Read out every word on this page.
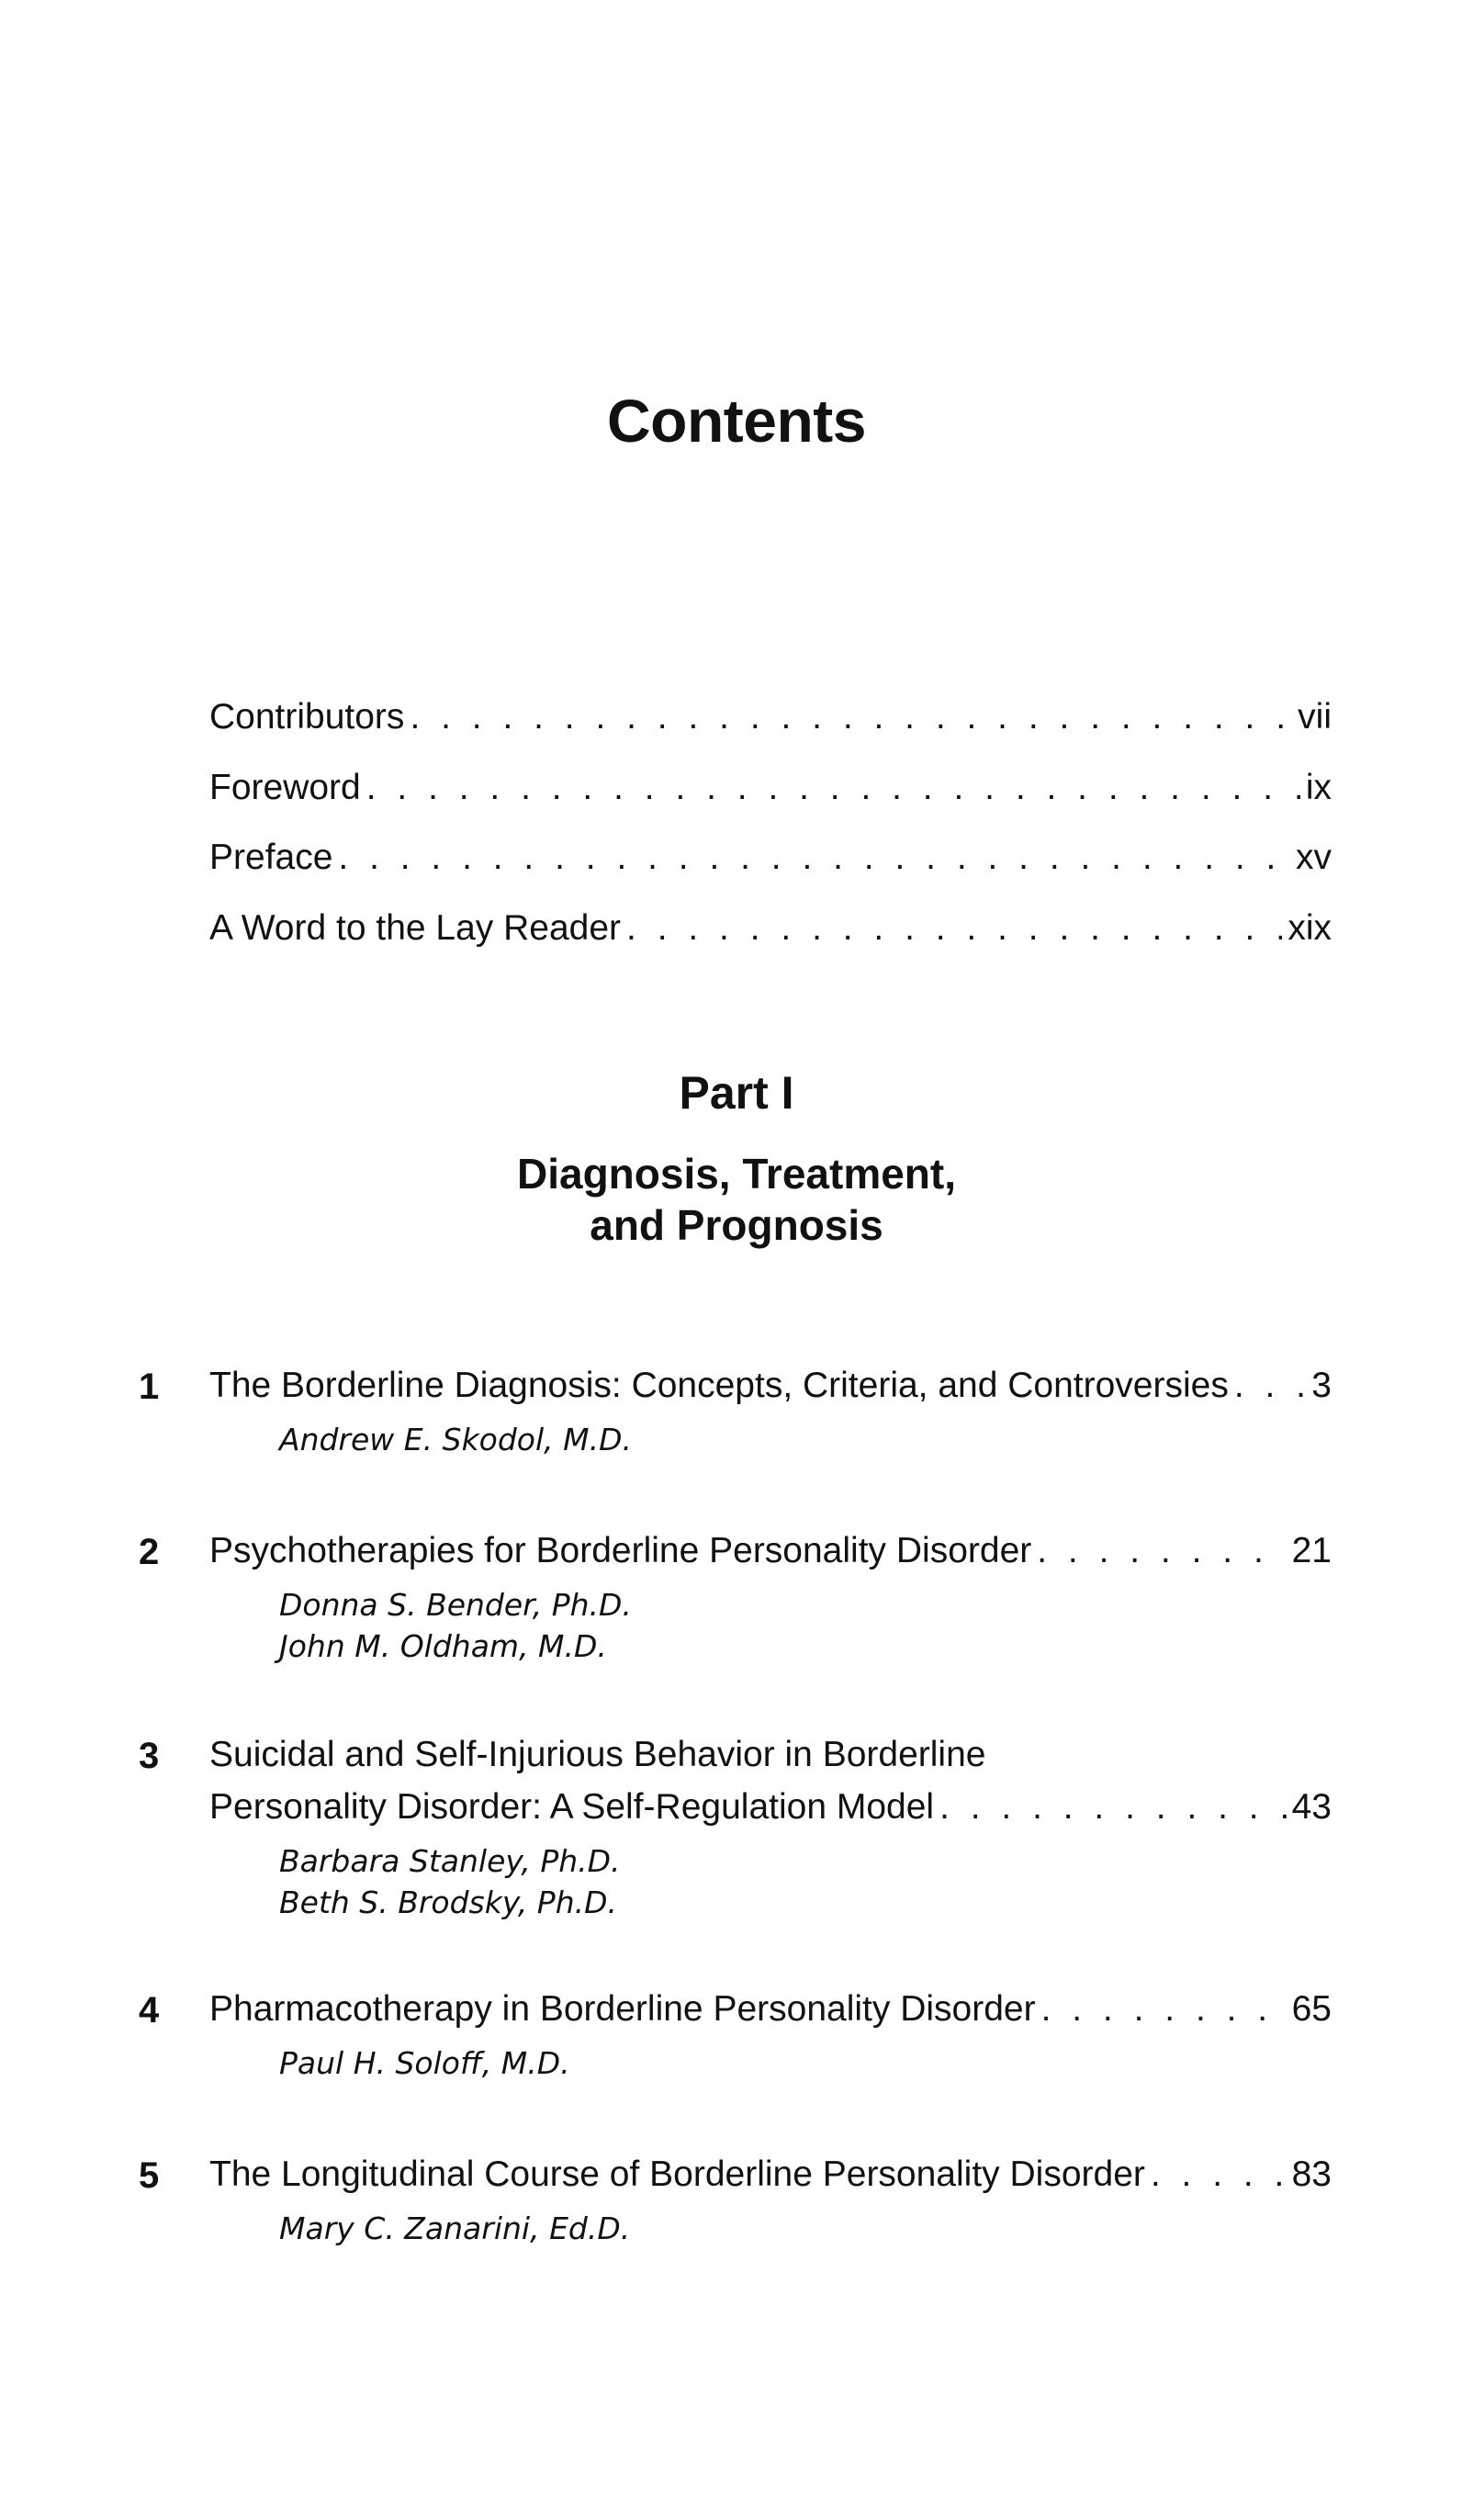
Contents
Contributors . . .	vii
Foreword . . .	ix
Preface . . .	xv
A Word to the Lay Reader . . .	xix
Part I
Diagnosis, Treatment,
and Prognosis
1 The Borderline Diagnosis: Concepts, Criteria, and Controversies . . . 3
Andrew E. Skodol, M.D.
2 Psychotherapies for Borderline Personality Disorder . . .	21
Donna S. Bender, Ph.D.
John M. Oldham, M.D.
3 Suicidal and Self-Injurious Behavior in Borderline
Personality Disorder: A Self-Regulation Model . . .	43
Barbara Stanley, Ph.D.
Beth S. Brodsky, Ph.D.
4 Pharmacotherapy in Borderline Personality Disorder . . .	65
Paul H. Soloff, M.D.
5 The Longitudinal Course of Borderline Personality Disorder . . .	83
Mary C. Zanarini, Ed.D.
